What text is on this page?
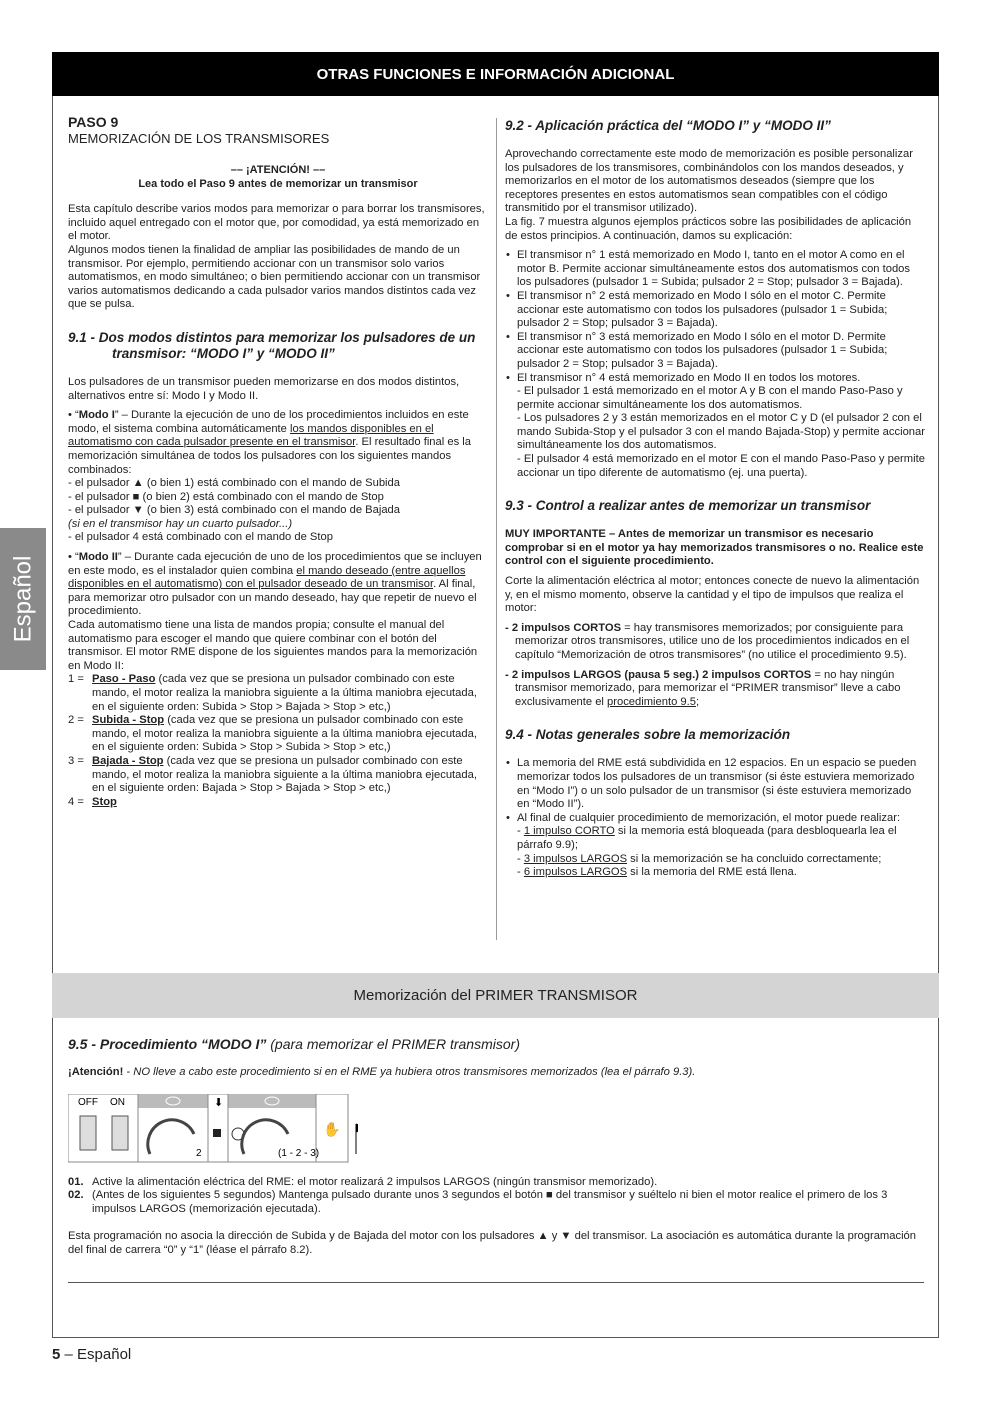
OTRAS FUNCIONES E INFORMACIÓN ADICIONAL
Español
PASO 9
MEMORIZACIÓN DE LOS TRANSMISORES
–– ¡ATENCIÓN! ––
Lea todo el Paso 9 antes de memorizar un transmisor

Esta capítulo describe varios modos para memorizar o para borrar los transmisores, incluido aquel entregado con el motor que, por comodidad, ya está memorizado en el motor.

Algunos modos tienen la finalidad de ampliar las posibilidades de mando de un transmisor. Por ejemplo, permitiendo accionar con un transmisor solo varios automatismos, en modo simultáneo; o bien permitiendo accionar con un transmisor varios automatismos dedicando a cada pulsador varios mandos distintos cada vez que se pulsa.

9.1 - Dos modos distintos para memorizar los pulsadores de un transmisor: “MODO I” y “MODO II”

Los pulsadores de un transmisor pueden memorizarse en dos modos distintos, alternativos entre sí: Modo I y Modo II.

• “Modo I” – Durante la ejecución de uno de los procedimientos incluidos en este modo, el sistema combina automáticamente los mandos disponibles en el automatismo con cada pulsador presente en el transmisor. El resultado final es la memorización simultánea de todos los pulsadores con los siguientes mandos combinados:

- el pulsador ▲ (o bien 1) está combinado con el mando de Subida

- el pulsador ■ (o bien 2) está combinado con el mando de Stop

- el pulsador ▼ (o bien 3) está combinado con el mando de Bajada

(si en el transmisor hay un cuarto pulsador...)

- el pulsador 4 está combinado con el mando de Stop

• “Modo II” – Durante cada ejecución de uno de los procedimientos que se incluyen en este modo, es el instalador quien combina el mando deseado (entre aquellos disponibles en el automatismo) con el pulsador deseado de un transmisor. Al final, para memorizar otro pulsador con un mando deseado, hay que repetir de nuevo el procedimiento.

Cada automatismo tiene una lista de mandos propia; consulte el manual del automatismo para escoger el mando que quiere combinar con el botón del transmisor. El motor RME dispone de los siguientes mandos para la memorización en Modo II:

1 = Paso - Paso (cada vez que se presiona un pulsador combinado con este mando, el motor realiza la maniobra siguiente a la última maniobra ejecutada, en el siguiente orden: Subida > Stop > Bajada > Stop > etc,)
2 = Subida - Stop (cada vez que se presiona un pulsador combinado con este mando, el motor realiza la maniobra siguiente a la última maniobra ejecutada, en el siguiente orden: Subida > Stop > Subida > Stop > etc,)
3 = Bajada - Stop (cada vez que se presiona un pulsador combinado con este mando, el motor realiza la maniobra siguiente a la última maniobra ejecutada, en el siguiente orden: Bajada > Stop > Bajada > Stop > etc,)
4 = Stop
9.2 - Aplicación práctica del “MODO I” y “MODO II”

Aprovechando correctamente este modo de memorización es posible personalizar los pulsadores de los transmisores, combinándolos con los mandos deseados, y memorizarlos en el motor de los automatismos deseados (siempre que los receptores presentes en estos automatismos sean compatibles con el código transmitido por el transmisor utilizado).

La fig. 7 muestra algunos ejemplos prácticos sobre las posibilidades de aplicación de estos principios. A continuación, damos su explicación:

• El transmisor n° 1 está memorizado en Modo I, tanto en el motor A como en el motor B. Permite accionar simultáneamente estos dos automatismos con todos los pulsadores (pulsador 1 = Subida; pulsador 2 = Stop; pulsador 3 = Bajada).
• El transmisor n° 2 está memorizado en Modo I sólo en el motor C. Permite accionar este automatismo con todos los pulsadores (pulsador 1 = Subida; pulsador 2 = Stop; pulsador 3 = Bajada).
• El transmisor n° 3 está memorizado en Modo I sólo en el motor D. Permite accionar este automatismo con todos los pulsadores (pulsador 1 = Subida; pulsador 2 = Stop; pulsador 3 = Bajada).
• El transmisor n° 4 está memorizado en Modo II en todos los motores.

- El pulsador 1 está memorizado en el motor A y B con el mando Paso-Paso y permite accionar simultáneamente los dos automatismos.

- Los pulsadores 2 y 3 están memorizados en el motor C y D (el pulsador 2 con el mando Subida-Stop y el pulsador 3 con el mando Bajada-Stop) y permite accionar simultáneamente los dos automatismos.

- El pulsador 4 está memorizado en el motor E con el mando Paso-Paso y permite accionar un tipo diferente de automatismo (ej. una puerta).

9.3 - Control a realizar antes de memorizar un transmisor

MUY IMPORTANTE – Antes de memorizar un transmisor es necesario comprobar si en el motor ya hay memorizados transmisores o no. Realice este control con el siguiente procedimiento.

Corte la alimentación eléctrica al motor; entonces conecte de nuevo la alimentación y, en el mismo momento, observe la cantidad y el tipo de impulsos que realiza el motor:

- 2 impulsos CORTOS = hay transmisores memorizados; por consiguiente para memorizar otros transmisores, utilice uno de los procedimientos indicados en el capítulo “Memorización de otros transmisores” (no utilice el procedimiento 9.5).
- 2 impulsos LARGOS (pausa 5 seg.) 2 impulsos CORTOS = no hay ningún transmisor memorizado, para memorizar el “PRIMER transmisor” lleve a cabo exclusivamente el procedimiento 9.5;
9.4 - Notas generales sobre la memorización
• La memoria del RME está subdividida en 12 espacios. En un espacio se pueden memorizar todos los pulsadores de un transmisor (si éste estuviera memorizado en “Modo I”) o un solo pulsador de un transmisor (si éste estuviera memorizado en “Modo II”).
• Al final de cualquier procedimiento de memorización, el motor puede realizar:

- 1 impulso CORTO si la memoria está bloqueada (para desbloquearla lea el párrafo 9.9);

- 3 impulsos LARGOS si la memorización se ha concluido correctamente;

- 6 impulsos LARGOS si la memoria del RME está llena.

Memorización del PRIMER TRANSMISOR
9.5 - Procedimiento “MODO I” (para memorizar el PRIMER transmisor)

¡Atención! - NO lleve a cabo este procedimiento si en el RME ya hubiera otros transmisores memorizados (lea el párrafo 9.3).

OFF ON
2
⬇
(1 - 2 - 3)
✋
01. Active la alimentación eléctrica del RME: el motor realizará 2 impulsos LARGOS (ningún transmisor memorizado).
02. (Antes de los siguientes 5 segundos) Mantenga pulsado durante unos 3 segundos el botón ■ del transmisor y suéltelo ni bien el motor realice el primero de los 3 impulsos LARGOS (memorización ejecutada).

Esta programación no asocia la dirección de Subida y de Bajada del motor con los pulsadores ▲ y ▼ del transmisor. La asociación es automática durante la programación del final de carrera “0” y “1” (léase el párrafo 8.2).

5 – Español
